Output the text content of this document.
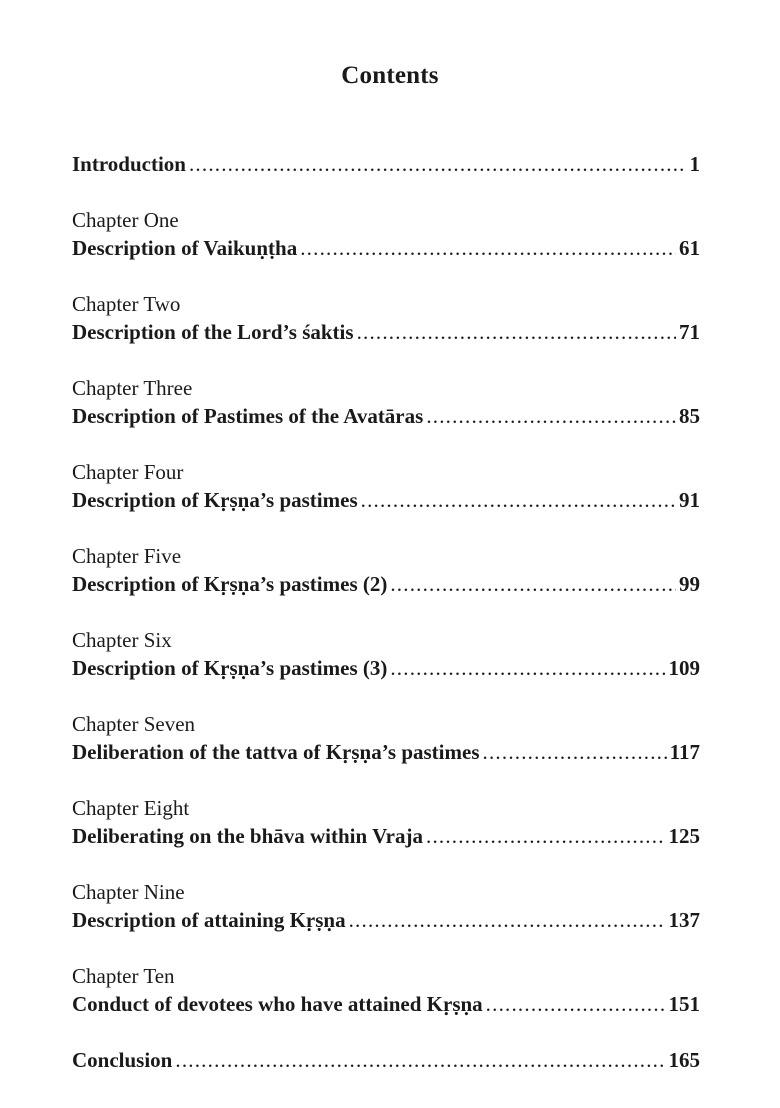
Contents
Introduction .....	1
Chapter One
Description of Vaikuṇṭha .....	61
Chapter Two
Description of the Lord’s śaktis .....	71
Chapter Three
Description of Pastimes of the Avatāras .....	85
Chapter Four
Description of Kṛṣṇa’s pastimes .....	91
Chapter Five
Description of Kṛṣṇa’s pastimes (2) .....	99
Chapter Six
Description of Kṛṣṇa’s pastimes (3) .....	109
Chapter Seven
Deliberation of the tattva of Kṛṣṇa’s pastimes .....	117
Chapter Eight
Deliberating on the bhāva within Vraja .....	125
Chapter Nine
Description of attaining Kṛṣṇa .....	137
Chapter Ten
Conduct of devotees who have attained Kṛṣṇa .....	151
Conclusion .....	165
